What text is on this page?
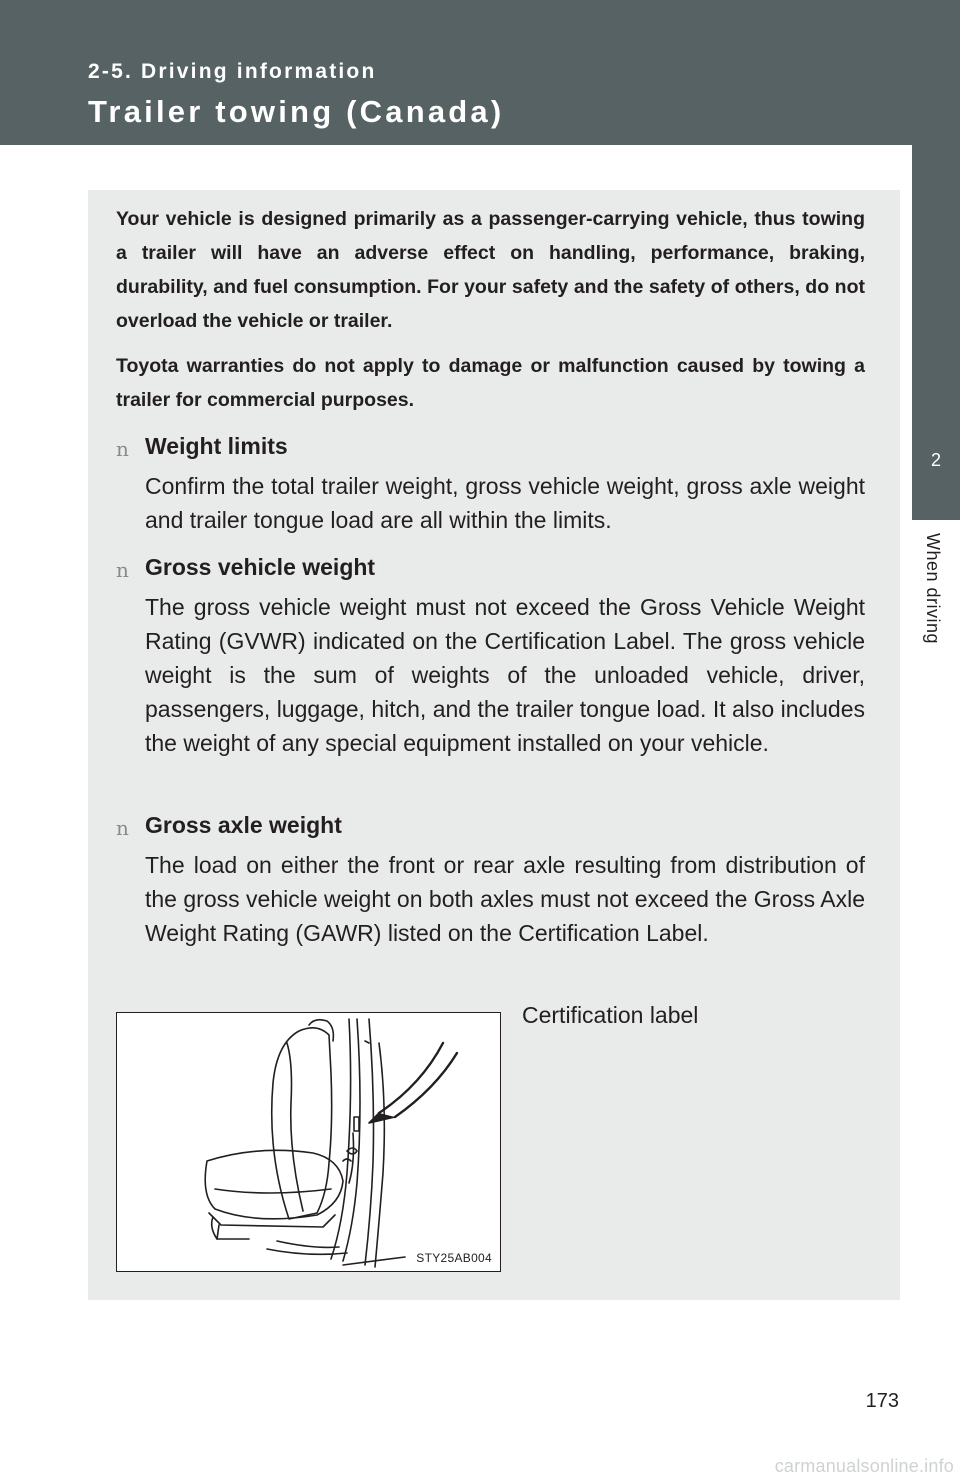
2-5. Driving information
Trailer towing (Canada)
2
When driving

Your vehicle is designed primarily as a passenger-carrying vehicle, thus towing a trailer will have an adverse effect on handling, performance, braking, durability, and fuel consumption. For your safety and the safety of others, do not overload the vehicle or trailer.

Toyota warranties do not apply to damage or malfunction caused by towing a trailer for commercial purposes.

n Weight limits

Confirm the total trailer weight, gross vehicle weight, gross axle weight and trailer tongue load are all within the limits.

n Gross vehicle weight

The gross vehicle weight must not exceed the Gross Vehicle Weight Rating (GVWR) indicated on the Certification Label. The gross vehicle weight is the sum of weights of the unloaded vehicle, driver, passengers, luggage, hitch, and the trailer tongue load. It also includes the weight of any special equipment installed on your vehicle.

n Gross axle weight

The load on either the front or rear axle resulting from distribution of the gross vehicle weight on both axles must not exceed the Gross Axle Weight Rating (GAWR) listed on the Certification Label.

STY25AB004
Certification label
173
carmanualsonline.info
